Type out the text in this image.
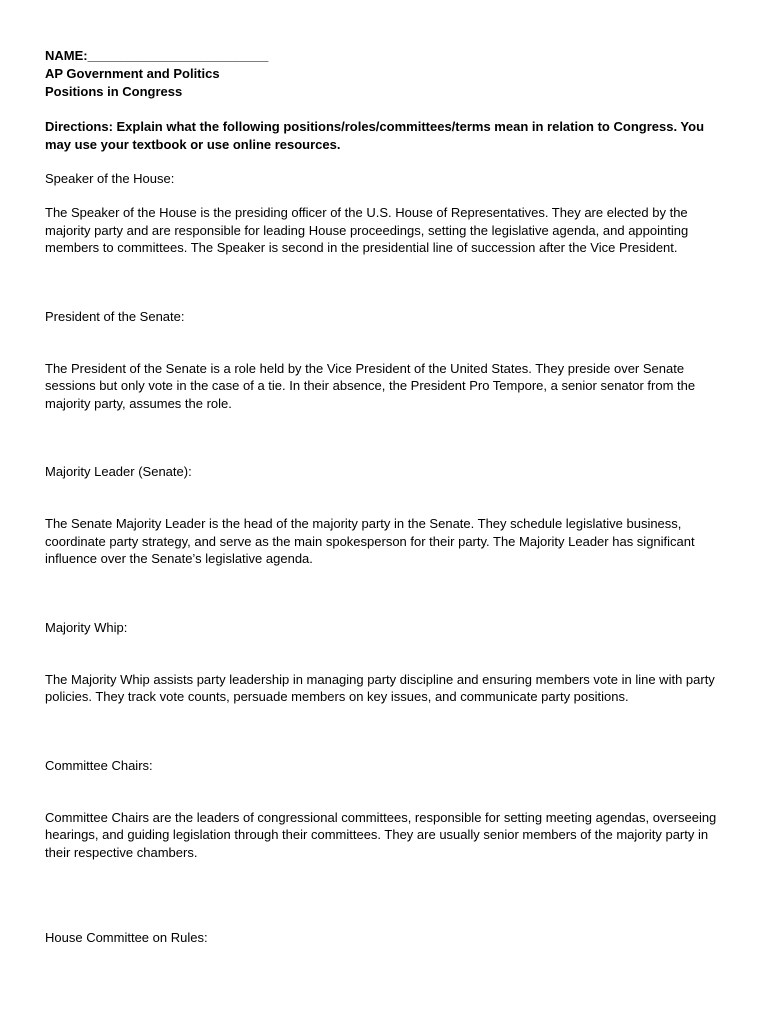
NAME:_________________________
AP Government and Politics
Positions in Congress
Directions: Explain what the following positions/roles/committees/terms mean in relation to Congress. You may use your textbook or use online resources.
Speaker of the House:
The Speaker of the House is the presiding officer of the U.S. House of Representatives. They are elected by the majority party and are responsible for leading House proceedings, setting the legislative agenda, and appointing members to committees. The Speaker is second in the presidential line of succession after the Vice President.
President of the Senate:
The President of the Senate is a role held by the Vice President of the United States. They preside over Senate sessions but only vote in the case of a tie. In their absence, the President Pro Tempore, a senior senator from the majority party, assumes the role.
Majority Leader (Senate):
The Senate Majority Leader is the head of the majority party in the Senate. They schedule legislative business, coordinate party strategy, and serve as the main spokesperson for their party. The Majority Leader has significant influence over the Senate’s legislative agenda.
Majority Whip:
The Majority Whip assists party leadership in managing party discipline and ensuring members vote in line with party policies. They track vote counts, persuade members on key issues, and communicate party positions.
Committee Chairs:
Committee Chairs are the leaders of congressional committees, responsible for setting meeting agendas, overseeing hearings, and guiding legislation through their committees. They are usually senior members of the majority party in their respective chambers.
House Committee on Rules:
